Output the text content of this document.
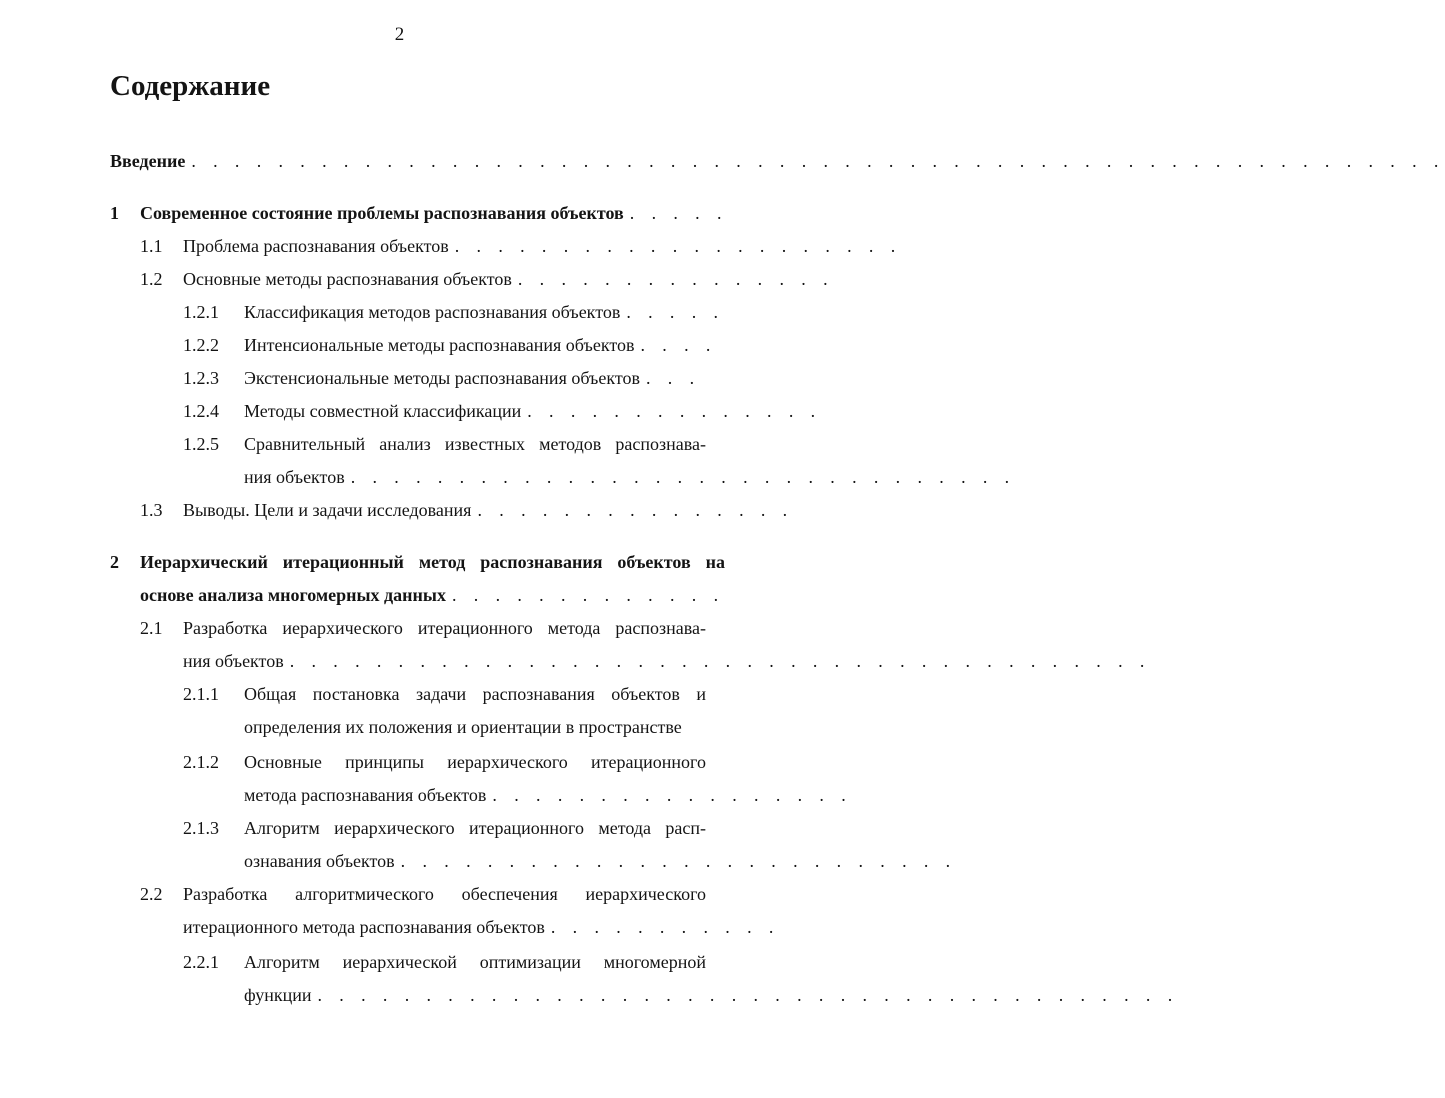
2
Содержание
Введение . . . . . . . . . . . . . . . . . . . . . . . . . . . . . . . . . . . . . . . . . . . . . . . . . . . . . . . . . .
1 Современное состояние проблемы распознавания объектов . . . . .
1.1 Проблема распознавания объектов . . . . . . . . . . . . . . . . . . . . .
1.2 Основные методы распознавания объектов . . . . . . . . . . . . . . .
1.2.1 Классификация методов распознавания объектов . . . . .
1.2.2 Интенсиональные методы распознавания объектов . . . .
1.2.3 Экстенсиональные методы распознавания объектов . . .
1.2.4 Методы совместной классификации . . . . . . . . . . . . . .
1.2.5 Сравнительный анализ известных методов распознава-
ния объектов . . . . . . . . . . . . . . . . . . . . . . . . . . . . . . .
1.3 Выводы. Цели и задачи исследования . . . . . . . . . . . . . . .
2 Иерархический итерационный метод распознавания объектов на
основе анализа многомерных данных . . . . . . . . . . . . .
2.1 Разработка иерархического итерационного метода распознава-
ния объектов . . . . . . . . . . . . . . . . . . . . . . . . . . . . . . . . . . . . . . . .
2.1.1 Общая постановка задачи распознавания объектов и
определения их положения и ориентации в пространстве
2.1.2 Основные принципы иерархического итерационного
метода распознавания объектов . . . . . . . . . . . . . . . . .
2.1.3 Алгоритм иерархического итерационного метода расп-
ознавания объектов . . . . . . . . . . . . . . . . . . . . . . . . . .
2.2 Разработка алгоритмического обеспечения иерархического
итерационного метода распознавания объектов . . . . . . . . . . .
2.2.1 Алгоритм иерархической оптимизации многомерной
функции . . . . . . . . . . . . . . . . . . . . . . . . . . . . . . . . . . . . . . . .
